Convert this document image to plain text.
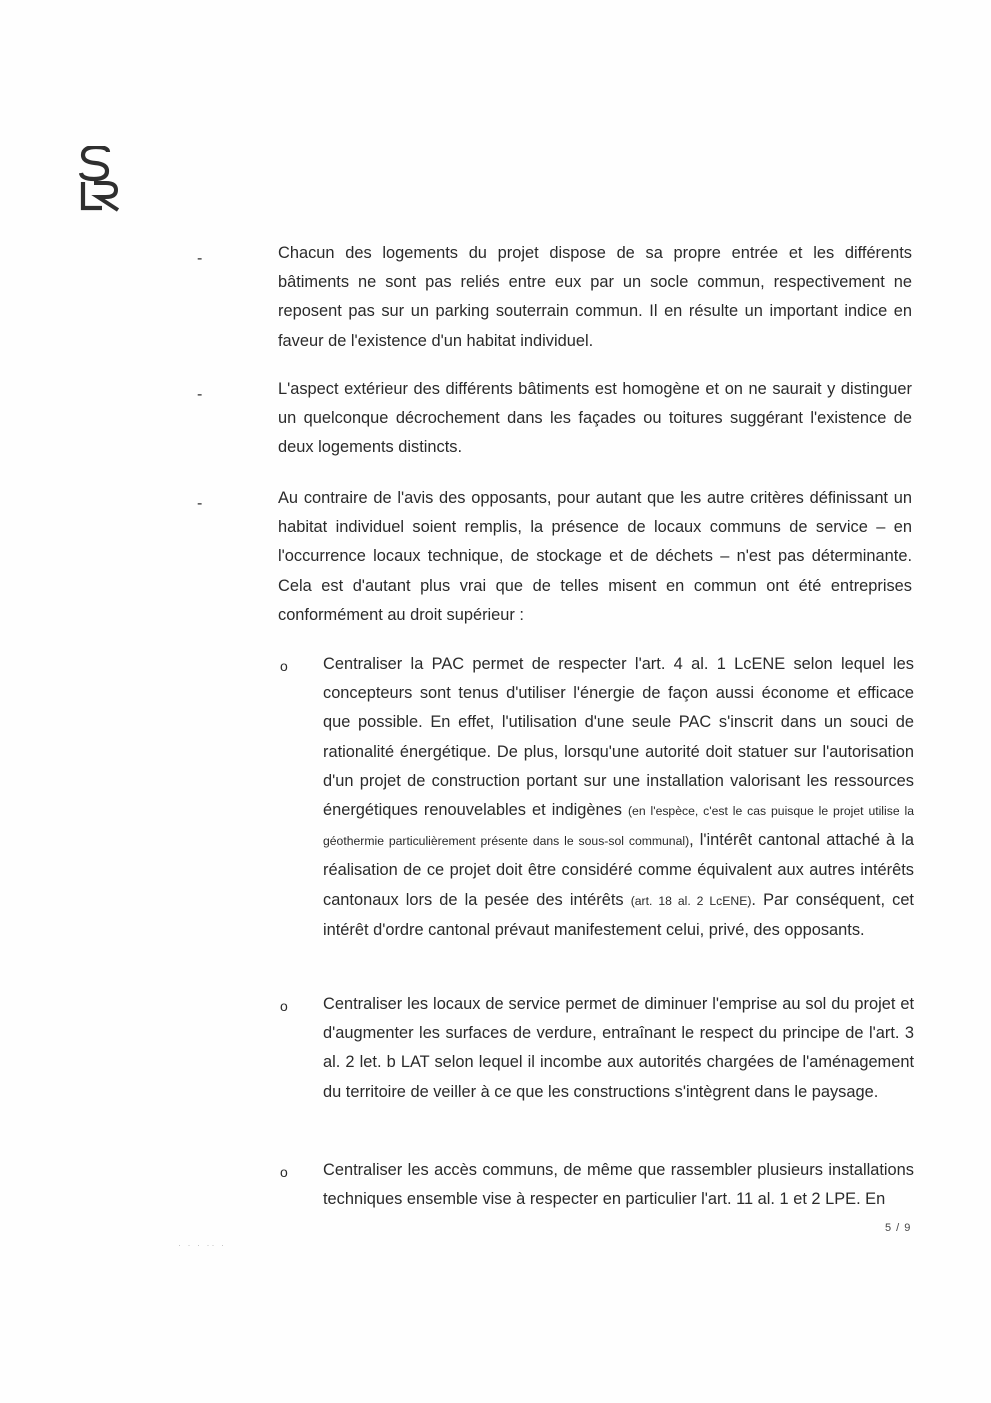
-	Chacun des logements du projet dispose de sa propre entrée et les différents bâtiments ne sont pas reliés entre eux par un socle commun, respectivement ne reposent pas sur un parking souterrain commun. Il en résulte un important indice en faveur de l'existence d'un habitat individuel.
-	L'aspect extérieur des différents bâtiments est homogène et on ne saurait y distinguer un quelconque décrochement dans les façades ou toitures suggérant l'existence de deux logements distincts.
-	Au contraire de l'avis des opposants, pour autant que les autre critères définissant un habitat individuel soient remplis, la présence de locaux communs de service – en l'occurrence locaux technique, de stockage et de déchets – n'est pas déterminante. Cela est d'autant plus vrai que de telles misent en commun ont été entreprises conformément au droit supérieur :
o Centraliser la PAC permet de respecter l'art. 4 al. 1 LcENE selon lequel les concepteurs sont tenus d'utiliser l'énergie de façon aussi économe et efficace que possible. En effet, l'utilisation d'une seule PAC s'inscrit dans un souci de rationalité énergétique. De plus, lorsqu'une autorité doit statuer sur l'autorisation d'un projet de construction portant sur une installation valorisant les ressources énergétiques renouvelables et indigènes (en l'espèce, c'est le cas puisque le projet utilise la géothermie particulièrement présente dans le sous-sol communal), l'intérêt cantonal attaché à la réalisation de ce projet doit être considéré comme équivalent aux autres intérêts cantonaux lors de la pesée des intérêts (art. 18 al. 2 LcENE). Par conséquent, cet intérêt d'ordre cantonal prévaut manifestement celui, privé, des opposants.
o Centraliser les locaux de service permet de diminuer l'emprise au sol du projet et d'augmenter les surfaces de verdure, entraînant le respect du principe de l'art. 3 al. 2 let. b LAT selon lequel il incombe aux autorités chargées de l'aménagement du territoire de veiller à ce que les constructions s'intègrent dans le paysage.
o Centraliser les accès communs, de même que rassembler plusieurs installations techniques ensemble vise à respecter en particulier l'art. 11 al. 1 et 2 LPE. En
5 / 9
· · · ·· ·
